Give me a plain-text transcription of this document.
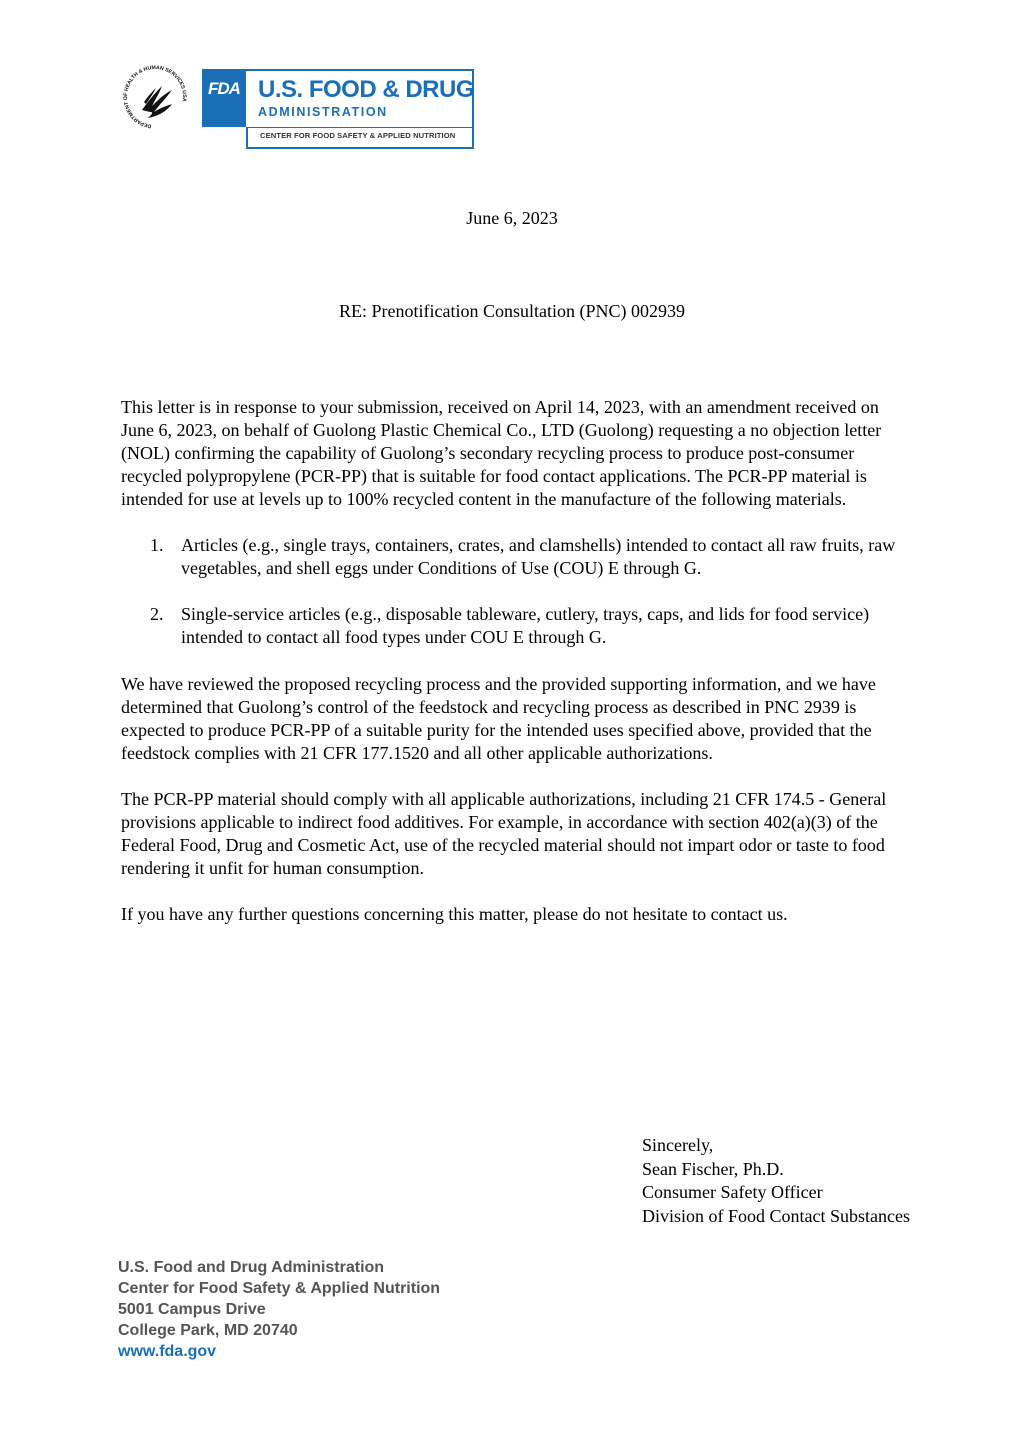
DEPARTMENT OF HEALTH & HUMAN SERVICES USA
FDA U.S. FOOD & DRUG
ADMINISTRATION
CENTER FOR FOOD SAFETY & APPLIED NUTRITION
June 6, 2023
RE: Prenotification Consultation (PNC) 002939

This letter is in response to your submission, received on April 14, 2023, with an amendment received on June 6, 2023, on behalf of Guolong Plastic Chemical Co., LTD (Guolong) requesting a no objection letter (NOL) confirming the capability of Guolong’s secondary recycling process to produce post-consumer recycled polypropylene (PCR-PP) that is suitable for food contact applications. The PCR-PP material is intended for use at levels up to 100% recycled content in the manufacture of the following materials.

1. Articles (e.g., single trays, containers, crates, and clamshells) intended to contact all raw fruits, raw vegetables, and shell eggs under Conditions of Use (COU) E through G.
2. Single-service articles (e.g., disposable tableware, cutlery, trays, caps, and lids for food service) intended to contact all food types under COU E through G.

We have reviewed the proposed recycling process and the provided supporting information, and we have determined that Guolong’s control of the feedstock and recycling process as described in PNC 2939 is expected to produce PCR-PP of a suitable purity for the intended uses specified above, provided that the feedstock complies with 21 CFR 177.1520 and all other applicable authorizations.

The PCR-PP material should comply with all applicable authorizations, including 21 CFR 174.5 - General provisions applicable to indirect food additives. For example, in accordance with section 402(a)(3) of the Federal Food, Drug and Cosmetic Act, use of the recycled material should not impart odor or taste to food rendering it unfit for human consumption.

If you have any further questions concerning this matter, please do not hesitate to contact us.

Sincerely,
Sean Fischer, Ph.D.
Consumer Safety Officer
Division of Food Contact Substances
U.S. Food and Drug Administration
Center for Food Safety & Applied Nutrition
5001 Campus Drive
College Park, MD 20740
www.fda.gov
